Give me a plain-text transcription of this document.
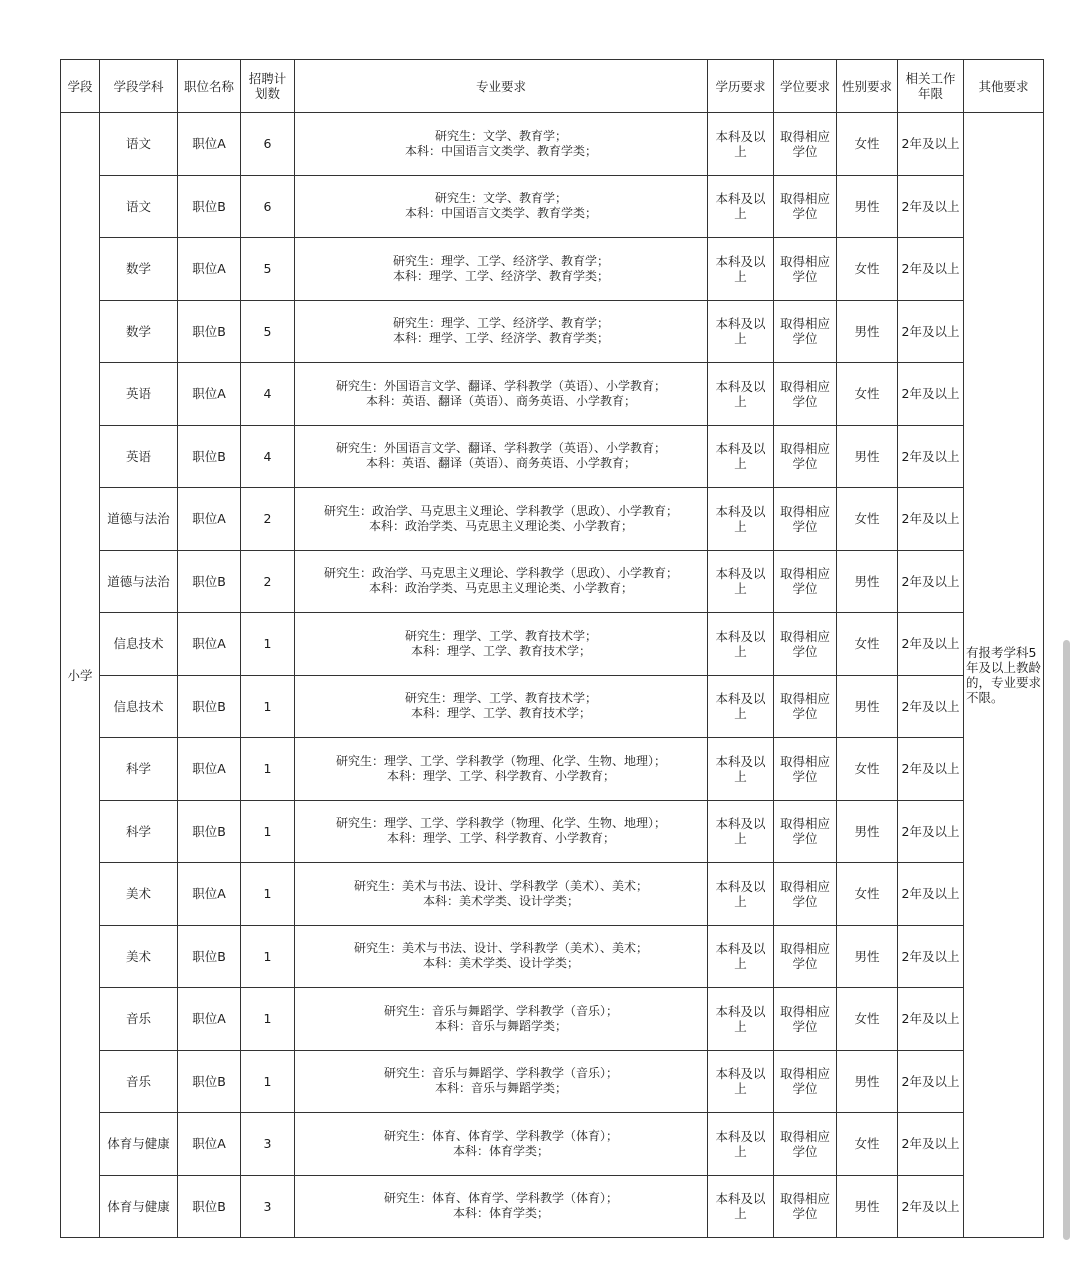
学段	学段学科	职位名称	招聘计划数	专业要求	学历要求	学位要求	性别要求	相关工作年限	其他要求
小学	语文	职位A	6	研究生：文学、教育学；
本科：中国语言文类学、教育学类；	本科及以上	取得相应学位	女性	2年及以上	有报考学科5年及以上教龄的，专业要求不限。
	语文	职位B	6	研究生：文学、教育学；
本科：中国语言文类学、教育学类；	本科及以上	取得相应学位	男性	2年及以上	
	数学	职位A	5	研究生：理学、工学、经济学、教育学；
本科：理学、工学、经济学、教育学类；	本科及以上	取得相应学位	女性	2年及以上	
	数学	职位B	5	研究生：理学、工学、经济学、教育学；
本科：理学、工学、经济学、教育学类；	本科及以上	取得相应学位	男性	2年及以上	
	英语	职位A	4	研究生：外国语言文学、翻译、学科教学（英语）、小学教育；
本科：英语、翻译（英语）、商务英语、小学教育；	本科及以上	取得相应学位	女性	2年及以上	
	英语	职位B	4	研究生：外国语言文学、翻译、学科教学（英语）、小学教育；
本科：英语、翻译（英语）、商务英语、小学教育；	本科及以上	取得相应学位	男性	2年及以上	
	道德与法治	职位A	2	研究生：政治学、马克思主义理论、学科教学（思政）、小学教育；
本科：政治学类、马克思主义理论类、小学教育；	本科及以上	取得相应学位	女性	2年及以上	
	道德与法治	职位B	2	研究生：政治学、马克思主义理论、学科教学（思政）、小学教育；
本科：政治学类、马克思主义理论类、小学教育；	本科及以上	取得相应学位	男性	2年及以上	
	信息技术	职位A	1	研究生：理学、工学、教育技术学；
本科：理学、工学、教育技术学；	本科及以上	取得相应学位	女性	2年及以上	
	信息技术	职位B	1	研究生：理学、工学、教育技术学；
本科：理学、工学、教育技术学；	本科及以上	取得相应学位	男性	2年及以上	
	科学	职位A	1	研究生：理学、工学、学科教学（物理、化学、生物、地理）；
本科：理学、工学、科学教育、小学教育；	本科及以上	取得相应学位	女性	2年及以上	
	科学	职位B	1	研究生：理学、工学、学科教学（物理、化学、生物、地理）；
本科：理学、工学、科学教育、小学教育；	本科及以上	取得相应学位	男性	2年及以上	
	美术	职位A	1	研究生：美术与书法、设计、学科教学（美术）、美术；
本科：美术学类、设计学类；	本科及以上	取得相应学位	女性	2年及以上	
	美术	职位B	1	研究生：美术与书法、设计、学科教学（美术）、美术；
本科：美术学类、设计学类；	本科及以上	取得相应学位	男性	2年及以上	
	音乐	职位A	1	研究生：音乐与舞蹈学、学科教学（音乐）；
本科：音乐与舞蹈学类；	本科及以上	取得相应学位	女性	2年及以上	
	音乐	职位B	1	研究生：音乐与舞蹈学、学科教学（音乐）；
本科：音乐与舞蹈学类；	本科及以上	取得相应学位	男性	2年及以上	
	体育与健康	职位A	3	研究生：体育、体育学、学科教学（体育）；
本科：体育学类；	本科及以上	取得相应学位	女性	2年及以上	
	体育与健康	职位B	3	研究生：体育、体育学、学科教学（体育）；
本科：体育学类；	本科及以上	取得相应学位	男性	2年及以上	
